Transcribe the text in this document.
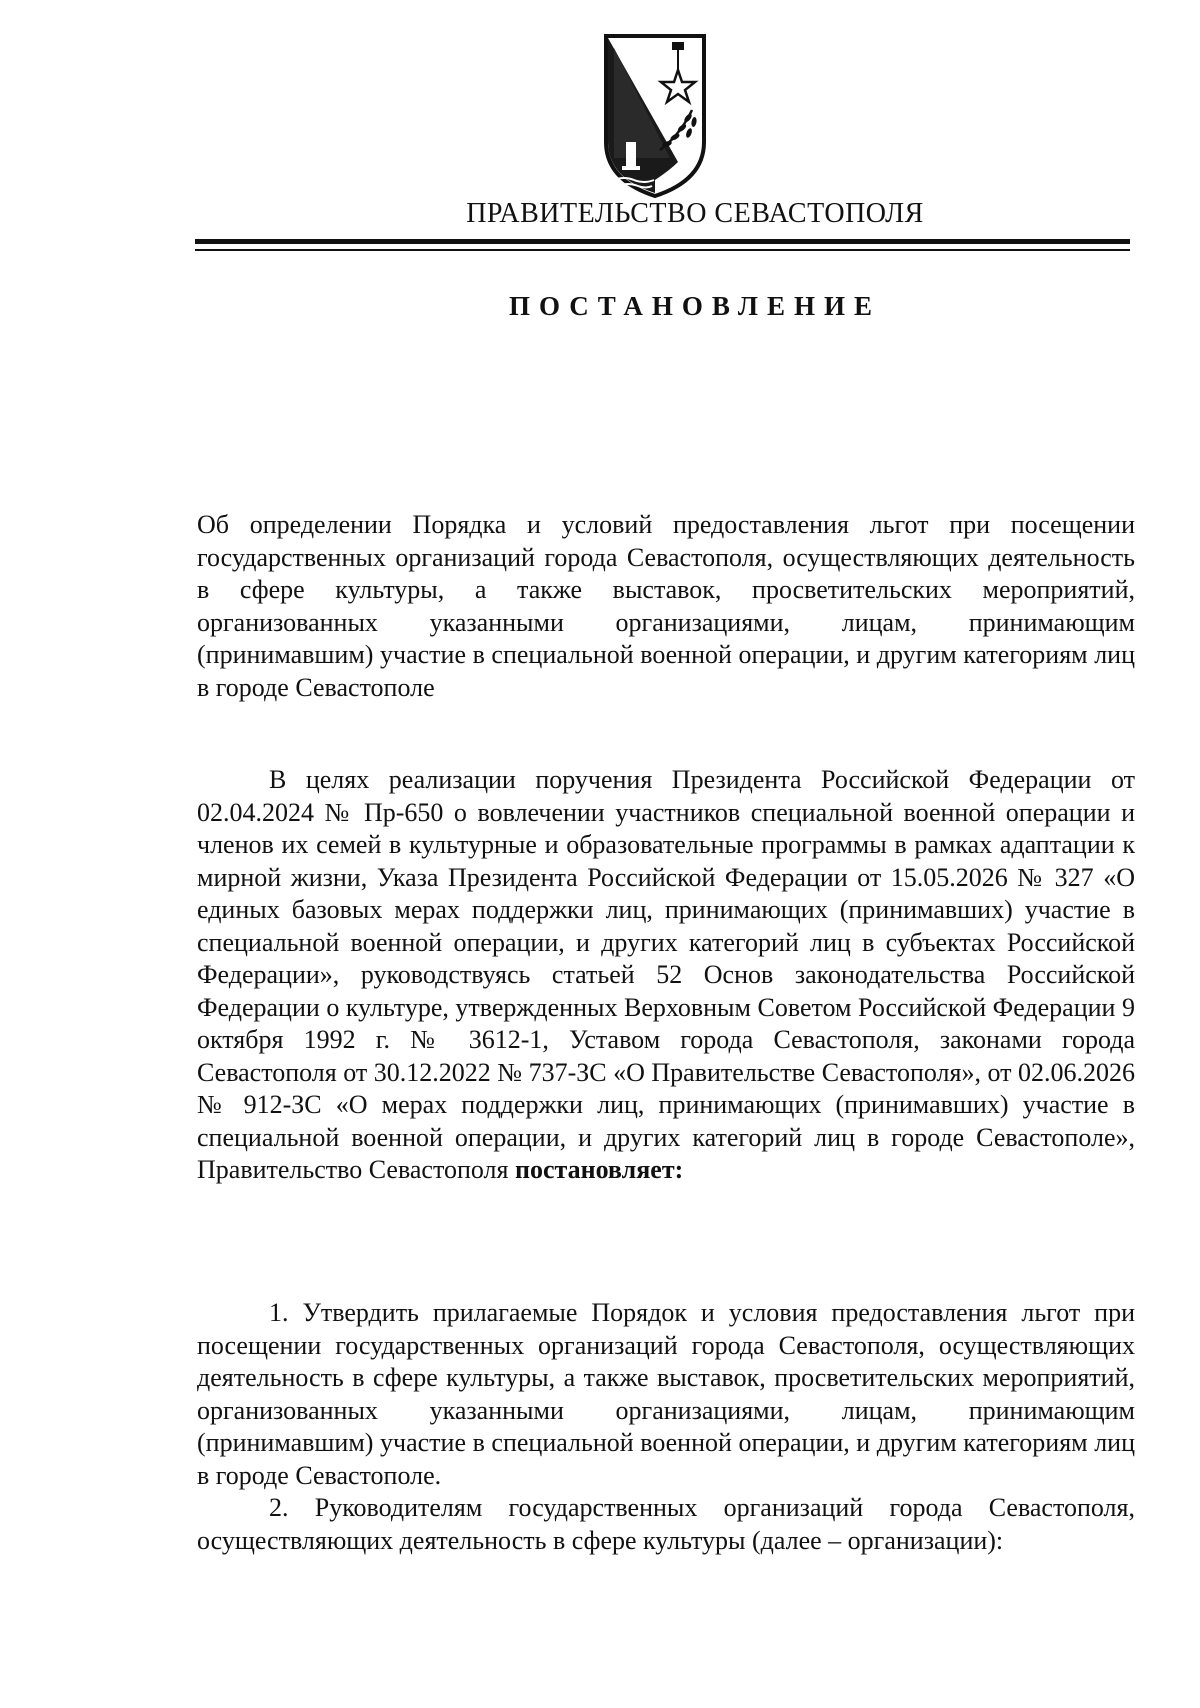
ПРАВИТЕЛЬСТВО СЕВАСТОПОЛЯ
ПОСТАНОВЛЕНИЕ

Об определении Порядка и условий предоставления льгот при посещении государственных организаций города Севастополя, осуществляющих деятельность в сфере культуры, а также выставок, просветительских мероприятий, организованных указанными организациями, лицам, принимающим (принимавшим) участие в специальной военной операции, и другим категориям лиц в городе Севастополе

В целях реализации поручения Президента Российской Федерации от 02.04.2024 № Пр-650 о вовлечении участников специальной военной операции и членов их семей в культурные и образовательные программы в рамках адаптации к мирной жизни, Указа Президента Российской Федерации от 15.05.2026 № 327 «О единых базовых мерах поддержки лиц, принимающих (принимавших) участие в специальной военной операции, и других категорий лиц в субъектах Российской Федерации», руководствуясь статьей 52 Основ законодательства Российской Федерации о культуре, утвержденных Верховным Советом Российской Федерации 9 октября 1992 г. № 3612-1, Уставом города Севастополя, законами города Севастополя от 30.12.2022 № 737-ЗС «О Правительстве Севастополя», от 02.06.2026 № 912-ЗС «О мерах поддержки лиц, принимающих (принимавших) участие в специальной военной операции, и других категорий лиц в городе Севастополе», Правительство Севастополя постановляет:

1. Утвердить прилагаемые Порядок и условия предоставления льгот при посещении государственных организаций города Севастополя, осуществляющих деятельность в сфере культуры, а также выставок, просветительских мероприятий, организованных указанными организациями, лицам, принимающим (принимавшим) участие в специальной военной операции, и другим категориям лиц в городе Севастополе.

2. Руководителям государственных организаций города Севастополя, осуществляющих деятельность в сфере культуры (далее – организации):
